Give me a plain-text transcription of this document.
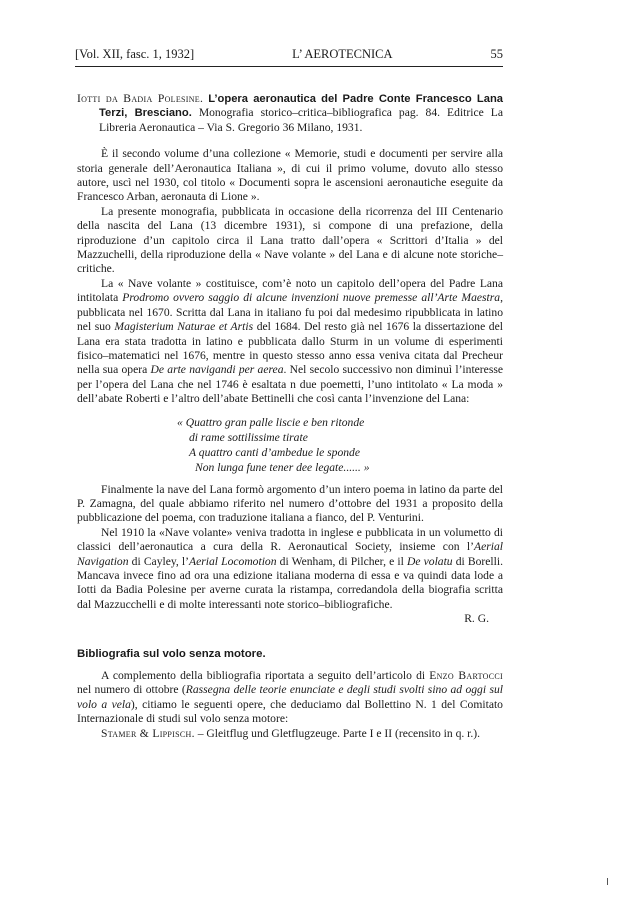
[Vol. XII, fasc. 1, 1932]	L’ AEROTECNICA	55

Iotti da Badia Polesine. L’opera aeronautica del Padre Conte Francesco Lana Terzi, Bresciano. Monografia storico–critica–bibliografica pag. 84. Editrice La Libreria Aeronautica – Via S. Gregorio 36 Milano, 1931.

È il secondo volume d’una collezione « Memorie, studi e documenti per servire alla storia generale dell’Aeronautica Italiana », di cui il primo volume, dovuto allo stesso autore, uscì nel 1930, col titolo « Documenti sopra le ascensioni aeronautiche eseguite da Francesco Arban, aeronauta di Lione ».

La presente monografia, pubblicata in occasione della ricorrenza del III Centenario della nascita del Lana (13 dicembre 1931), si compone di una prefazione, della riproduzione d’un capitolo circa il Lana tratto dall’opera « Scrittori d’Italia » del Mazzuchelli, della riproduzione della « Nave volante » del Lana e di alcune note storiche–critiche.

La « Nave volante » costituisce, com’è noto un capitolo dell’opera del Padre Lana intitolata Prodromo ovvero saggio di alcune invenzioni nuove premesse all’Arte Maestra, pubblicata nel 1670. Scritta dal Lana in italiano fu poi dal medesimo ripubblicata in latino nel suo Magisterium Naturae et Artis del 1684. Del resto già nel 1676 la dissertazione del Lana era stata tradotta in latino e pubblicata dallo Sturm in un volume di esperimenti fisico–matematici nel 1676, mentre in questo stesso anno essa veniva citata dal Precheur nella sua opera De arte navigandi per aerea. Nel secolo successivo non diminuì l’interesse per l’opera del Lana che nel 1746 è esaltata n due poemetti, l’uno intitolato « La moda » dell’abate Roberti e l’altro dell’abate Bettinelli che così canta l’invenzione del Lana:

« Quattro gran palle liscie e ben ritonde
di rame sottilissime tirate
A quattro canti d’ambedue le sponde
Non lunga fune tener dee legate...... »

Finalmente la nave del Lana formò argomento d’un intero poema in latino da parte del P. Zamagna, del quale abbiamo riferito nel numero d’ottobre del 1931 a proposito della pubblicazione del poema, con traduzione italiana a fianco, del P. Venturini.

Nel 1910 la «Nave volante» veniva tradotta in inglese e pubblicata in un volumetto di classici dell’aeronautica a cura della R. Aeronautical Society, insieme con l’Aerial Navigation di Cayley, l’Aerial Locomotion di Wenham, di Pilcher, e il De volatu di Borelli. Mancava invece fino ad ora una edizione italiana moderna di essa e va quindi data lode a Iotti da Badia Polesine per averne curata la ristampa, corredandola della biografia scritta dal Mazzucchelli e di molte interessanti note storico–bibliografiche.

R. G.

Bibliografia sul volo senza motore.

A complemento della bibliografia riportata a seguito dell’articolo di Enzo Bartocci nel numero di ottobre (Rassegna delle teorie enunciate e degli studi svolti sino ad oggi sul volo a vela), citiamo le seguenti opere, che deduciamo dal Bollettino N. 1 del Comitato Internazionale di studi sul volo senza motore:

Stamer & Lippisch. – Gleitflug und Gletflugzeuge. Parte I e II (recensito in q. r.).
